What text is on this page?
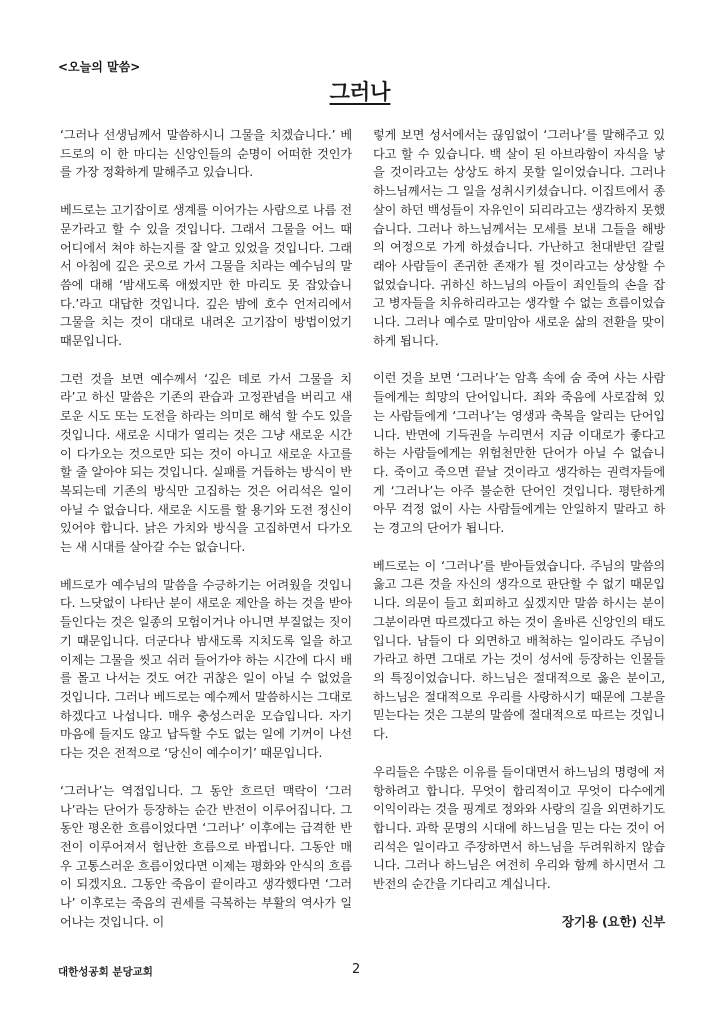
<오늘의 말씀>
그러나

‘그러나 선생님께서 말씀하시니 그물을 치겠습니다.’ 베드로의 이 한 마디는 신앙인들의 순명이 어떠한 것인가를 가장 정확하게 말해주고 있습니다.

베드로는 고기잡이로 생계를 이어가는 사람으로 나름 전문가라고 할 수 있을 것입니다. 그래서 그물을 어느 때 어디에서 쳐야 하는지를 잘 알고 있었을 것입니다. 그래서 아침에 깊은 곳으로 가서 그물을 치라는 예수님의 말씀에 대해 ‘밤새도록 애썼지만 한 마리도 못 잡았습니다.’라고 대답한 것입니다. 깊은 밤에 호수 언저리에서 그물을 치는 것이 대대로 내려온 고기잡이 방법이었기 때문입니다.

그런 것을 보면 예수께서 ‘깊은 데로 가서 그물을 치라’고 하신 말씀은 기존의 관습과 고정관념을 버리고 새로운 시도 또는 도전을 하라는 의미로 해석 할 수도 있을 것입니다. 새로운 시대가 열리는 것은 그냥 새로운 시간이 다가오는 것으로만 되는 것이 아니고 새로운 사고를 할 줄 알아야 되는 것입니다. 실패를 거듭하는 방식이 반복되는데 기존의 방식만 고집하는 것은 어리석은 일이 아닐 수 없습니다. 새로운 시도를 할 용기와 도전 정신이 있어야 합니다. 낡은 가치와 방식을 고집하면서 다가오는 새 시대를 살아갈 수는 없습니다.

베드로가 예수님의 말씀을 수긍하기는 어려웠을 것입니다. 느닷없이 나타난 분이 새로운 제안을 하는 것을 받아들인다는 것은 일종의 모험이거나 아니면 부질없는 짓이기 때문입니다. 더군다나 밤새도록 지치도록 일을 하고 이제는 그물을 씻고 쉬러 들어가야 하는 시간에 다시 배를 몰고 나서는 것도 여간 귀찮은 일이 아닐 수 없었을 것입니다. 그러나 베드로는 예수께서 말씀하시는 그대로 하겠다고 나섭니다. 매우 충성스러운 모습입니다. 자기 마음에 들지도 않고 납득할 수도 없는 일에 기꺼이 나선다는 것은 전적으로 ‘당신이 예수이기’ 때문입니다.

‘그러나’는 역접입니다. 그 동안 흐르던 맥락이 ‘그러나’라는 단어가 등장하는 순간 반전이 이루어집니다. 그동안 평온한 흐름이었다면 ‘그러나’ 이후에는 급격한 반전이 이루어져서 험난한 흐름으로 바뀝니다. 그동안 매우 고통스러운 흐름이었다면 이제는 평화와 안식의 흐름이 되겠지요. 그동안 죽음이 끝이라고 생각했다면 ‘그러나’ 이후로는 죽음의 권세를 극복하는 부활의 역사가 일어나는 것입니다. 이

렇게 보면 성서에서는 끊임없이 ‘그러나’를 말해주고 있다고 할 수 있습니다. 백 살이 된 아브라함이 자식을 낳을 것이라고는 상상도 하지 못할 일이었습니다. 그러나 하느님께서는 그 일을 성취시키셨습니다. 이집트에서 종살이 하던 백성들이 자유인이 되리라고는 생각하지 못했습니다. 그러나 하느님께서는 모세를 보내 그들을 해방의 여정으로 가게 하셨습니다. 가난하고 천대받던 갈릴래아 사람들이 존귀한 존재가 될 것이라고는 상상할 수 없었습니다. 귀하신 하느님의 아들이 죄인들의 손을 잡고 병자들을 치유하리라고는 생각할 수 없는 흐름이었습니다. 그러나 예수로 말미암아 새로운 삶의 전환을 맞이하게 됩니다.

이런 것을 보면 ‘그러나’는 암흑 속에 숨 죽여 사는 사람들에게는 희망의 단어입니다. 죄와 죽음에 사로잡혀 있는 사람들에게 ‘그러나’는 영생과 축복을 알리는 단어입니다. 반면에 기득권을 누리면서 지금 이대로가 좋다고 하는 사람들에게는 위험천만한 단어가 아닐 수 없습니다. 죽이고 죽으면 끝날 것이라고 생각하는 권력자들에게 ‘그러나’는 아주 불순한 단어인 것입니다. 평탄하게 아무 걱정 없이 사는 사람들에게는 안일하지 말라고 하는 경고의 단어가 됩니다.

베드로는 이 ‘그러나’를 받아들였습니다. 주님의 말씀의 옳고 그른 것을 자신의 생각으로 판단할 수 없기 때문입니다. 의문이 들고 회피하고 싶겠지만 말씀 하시는 분이 그분이라면 따르겠다고 하는 것이 올바른 신앙인의 태도입니다. 남들이 다 외면하고 배척하는 일이라도 주님이 가라고 하면 그대로 가는 것이 성서에 등장하는 인물들의 특징이었습니다. 하느님은 절대적으로 옳은 분이고, 하느님은 절대적으로 우리를 사랑하시기 때문에 그분을 믿는다는 것은 그분의 말씀에 절대적으로 따르는 것입니다.

우리들은 수많은 이유를 들이대면서 하느님의 명령에 저항하려고 합니다. 무엇이 합리적이고 무엇이 다수에게 이익이라는 것을 핑계로 정와와 사랑의 길을 외면하기도 합니다. 과학 문명의 시대에 하느님을 믿는 다는 것이 어리석은 일이라고 주장하면서 하느님을 두려워하지 않습니다. 그러나 하느님은 여전히 우리와 함께 하시면서 그 반전의 순간을 기다리고 계십니다.

장기용 (요한) 신부
대한성공회 분당교회	2
